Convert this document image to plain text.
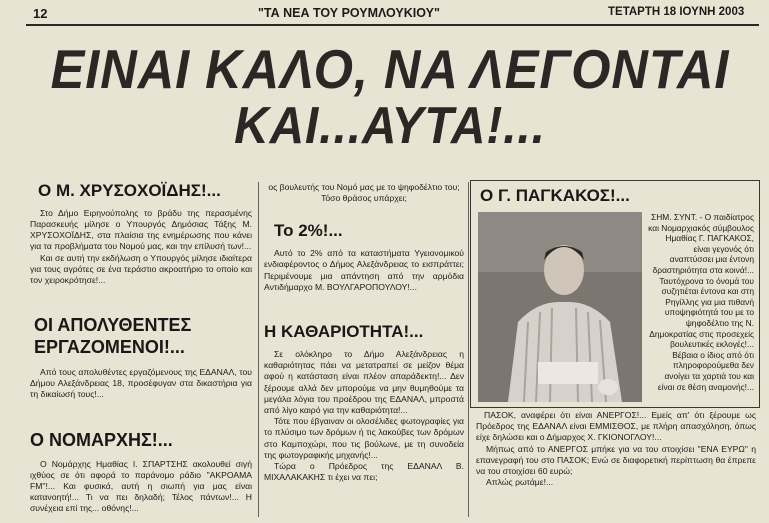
12	"ΤΑ ΝΕΑ ΤΟΥ ΡΟΥΜΛΟΥΚΙΟΥ"	ΤΕΤΑΡΤΗ 18 ΙΟΥΝΗ 2003
ΕΙΝΑΙ ΚΑΛΟ, ΝΑ ΛΕΓΟΝΤΑΙ
ΚΑΙ...ΑΥΤΑ!...
Ο Μ. ΧΡΥΣΟΧΟΪΔΗΣ!...

Στο Δήμο Ειρηνούπολης το βράδυ της περασμένης Παρασκευής μίλησε ο Υπουργός Δημόσιας Τάξης Μ. ΧΡΥΣΟΧΟΪΔΗΣ, στα πλαίσια της ενημέρωσης που κάνει για τα προβλήματα του Νομού μας, και την επίλυσή των!...

Και σε αυτή την εκδήλωση ο Υπουργός μίλησε ιδιαίτερα για τους αγρότες σε ένα τεράστιο ακροατήριο το οποίο και τον χειροκρότησε!...

ΟΙ ΑΠΟΛΥΘΕΝΤΕΣ
ΕΡΓΑΖΟΜΕΝΟΙ!...

Από τους απολυθέντες εργαζόμενους της ΕΔΑΝΑΛ, του Δήμου Αλεξάνδρειας 18, προσέφυγαν στα δικαστήρια για τη δικαίωσή τους!...

Ο ΝΟΜΑΡΧΗΣ!...

Ο Νομάρχης Ημαθίας Ι. ΣΠΑΡΤΣΗΣ ακολουθεί σιγή ιχθύος σε ότι αφορά το παράνομο ράδιο "ΑΚΡΟΑΜΑ FM"!... Και φυσικά, αυτή η σιωπή για μας είναι κατανοητή!... Τι να πει δηλαδή; Τέλος πάντων!... Η συνέχεια επί της... οθόνης!...

ος βουλευτής του Νομό μας με το ψηφοδέλτιο του; Τόσο θράσος υπάρχει;

Το 2%!...

Αυτό το 2% από τα καταστήματα Υγειονομικού ενδιαφέροντος ο Δήμος Αλεξάνδρειας το εισπράττει; Περιμένουμε μια απάντηση από την αρμόδια Αντιδήμαρχο Μ. ΒΟΥΛΓΑΡΟΠΟΥΛΟΥ!...

Η ΚΑΘΑΡΙΟΤΗΤΑ!...

Σε ολόκληρο το Δήμο Αλεξάνδρειας η καθαριότητας πάει να μετατραπεί σε μείζον θέμα αφού η κατάσταση είναι πλέον απαράδεκτη!... Δεν ξέρουμε αλλά δεν μπορούμε να μην θυμηθούμε τα μεγάλα λόγια του προέδρου της ΕΔΑΝΑΛ, μπροστά από λίγο καιρό για την καθαριότητα!...

Τότε που έβγαιναν οι ολοσέλιδες φωτογραφίες για το πλύσιμο των δρόμων ή τις λακούβες των δρόμων στο Καμποχώρι, που τις βούλωνε, με τη συνοδεία της φωτογραφικής μηχανής!...

Τώρα ο Πρόεδρος της ΕΔΑΝΑΛ Β. ΜΙΧΑΛΑΚΑΚΗΣ τι έχει να πει;

Ο Γ. ΠΑΓΚΑΚΟΣ!...

ΣΗΜ. ΣΥΝΤ. - Ο παιδίατρος και Νομαρχιακός σύμβουλος Ημαθίας Γ. ΠΑΓΚΑΚΟΣ, είναι γεγονός ότι αναπτύσσει μια έντονη δραστηριότητα στα κοινά!... Ταυτόχρονα το όνομά του συζητιέται έντονα και στη Ρηγίλλης για μια πιθανή υποψηφιότητά του με το ψηφοδέλτιο της Ν. Δημοκρατίας στις προσεχείς βουλευτικές εκλογές!...

Βέβαια ο ίδιος από ότι πληροφορούμεθα δεν ανοίγει τα χαρτιά του και είναι σε θέση αναμονής!...

ΠΑΣΟΚ, αναφέρει ότι είναι ΑΝΕΡΓΟΣ!... Εμείς απ' ότι ξέρουμε ως Πρόεδρος της ΕΔΑΝΑΛ είναι ΕΜΜΙΣΘΟΣ, με πλήρη απασχόληση, όπως είχε δηλώσει και ο Δήμαρχος Χ. ΓΚΙΟΝΟΓΛΟΥ!...

Μήπως από το ΑΝΕΡΓΟΣ μπήκε για να του στοιχίσει "ΕΝΑ ΕΥΡΩ" η επανεγραφή του στο ΠΑΣΟΚ; Ενώ σε διαφορετική περίπτωση θα έπρεπε να του στοιχίσει 60 ευρώ;

Απλώς ρωτάμε!...
